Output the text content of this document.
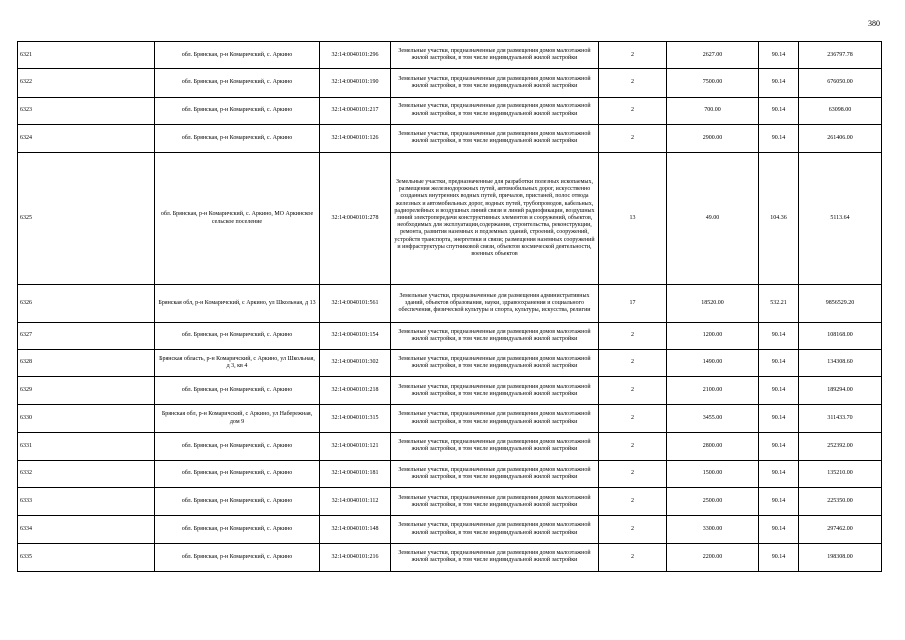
380
6321	обл. Брянская, р-н Комаричский, с. Аркино	32:14:0040101:296	Земельные участки, предназначенные для размещения домов малоэтажной жилой застройки, в том числе индивидуальной жилой застройки	2	2627.00	90.14	236797.78
6322	обл. Брянская, р-н Комаричский, с. Аркино	32:14:0040101:190	Земельные участки, предназначенные для размещения домов малоэтажной жилой застройки, в том числе индивидуальной жилой застройки	2	7500.00	90.14	676050.00
6323	обл. Брянская, р-н Комаричский, с. Аркино	32:14:0040101:217	Земельные участки, предназначенные для размещения домов малоэтажной жилой застройки, в том числе индивидуальной жилой застройки	2	700.00	90.14	63098.00
6324	обл. Брянская, р-н Комаричский, с. Аркино	32:14:0040101:126	Земельные участки, предназначенные для размещения домов малоэтажной жилой застройки, в том числе индивидуальной жилой застройки	2	2900.00	90.14	261406.00
6325	обл. Брянская, р-н Комаричский, с. Аркино, МО Аркинское сельское поселение	32:14:0040101:278	Земельные участки, предназначенные для разработки полезных ископаемых, размещения железнодорожных путей, автомобильных дорог, искусственно созданных внутренних водных путей, причалов, пристаней, полос отвода железных и автомобильных дорог, водных путей, трубопроводов, кабельных, радиорелейных и воздушных линий связи и линий радиофикации, воздушных линий электропередачи конструктивных элементов и сооружений, объектов, необходимых для эксплуатации,содержания, строительства, реконструкции, ремонта, развития наземных и подземных зданий, строений, сооружений, устройств транспорта, энергетики и связи; размещения наземных сооружений и инфраструктуры спутниковой связи, объектов космической деятельности, военных объектов	13	49.00	104.36	5113.64
6326	Брянская обл, р-н Комаричский, с Аркино, ул Школьная, д 13	32:14:0040101:561	Земельные участки, предназначенные для размещения административных зданий, объектов образования, науки, здравоохранения и социального обеспечения, физической культуры и спорта, культуры, искусства, религии	17	18520.00	532.21	9856529.20
6327	обл. Брянская, р-н Комаричский, с. Аркино	32:14:0040101:154	Земельные участки, предназначенные для размещения домов малоэтажной жилой застройки, в том числе индивидуальной жилой застройки	2	1200.00	90.14	108168.00
6328	Брянская область, р-н Комаричский, с Аркино, ул Школьная, д 3, кв 4	32:14:0040101:302	Земельные участки, предназначенные для размещения домов малоэтажной жилой застройки, в том числе индивидуальной жилой застройки	2	1490.00	90.14	134308.60
6329	обл. Брянская, р-н Комаричский, с. Аркино	32:14:0040101:218	Земельные участки, предназначенные для размещения домов малоэтажной жилой застройки, в том числе индивидуальной жилой застройки	2	2100.00	90.14	189294.00
6330	Брянская обл, р-н Комаричский, с Аркино, ул Набережная, дом 9	32:14:0040101:315	Земельные участки, предназначенные для размещения домов малоэтажной жилой застройки, в том числе индивидуальной жилой застройки	2	3455.00	90.14	311433.70
6331	обл. Брянская, р-н Комаричский, с. Аркино	32:14:0040101:121	Земельные участки, предназначенные для размещения домов малоэтажной жилой застройки, в том числе индивидуальной жилой застройки	2	2800.00	90.14	252392.00
6332	обл. Брянская, р-н Комаричский, с. Аркино	32:14:0040101:181	Земельные участки, предназначенные для размещения домов малоэтажной жилой застройки, в том числе индивидуальной жилой застройки	2	1500.00	90.14	135210.00
6333	обл. Брянская, р-н Комаричский, с. Аркино	32:14:0040101:112	Земельные участки, предназначенные для размещения домов малоэтажной жилой застройки, в том числе индивидуальной жилой застройки	2	2500.00	90.14	225350.00
6334	обл. Брянская, р-н Комаричский, с. Аркино	32:14:0040101:148	Земельные участки, предназначенные для размещения домов малоэтажной жилой застройки, в том числе индивидуальной жилой застройки	2	3300.00	90.14	297462.00
6335	обл. Брянская, р-н Комаричский, с. Аркино	32:14:0040101:216	Земельные участки, предназначенные для размещения домов малоэтажной жилой застройки, в том числе индивидуальной жилой застройки	2	2200.00	90.14	198308.00
